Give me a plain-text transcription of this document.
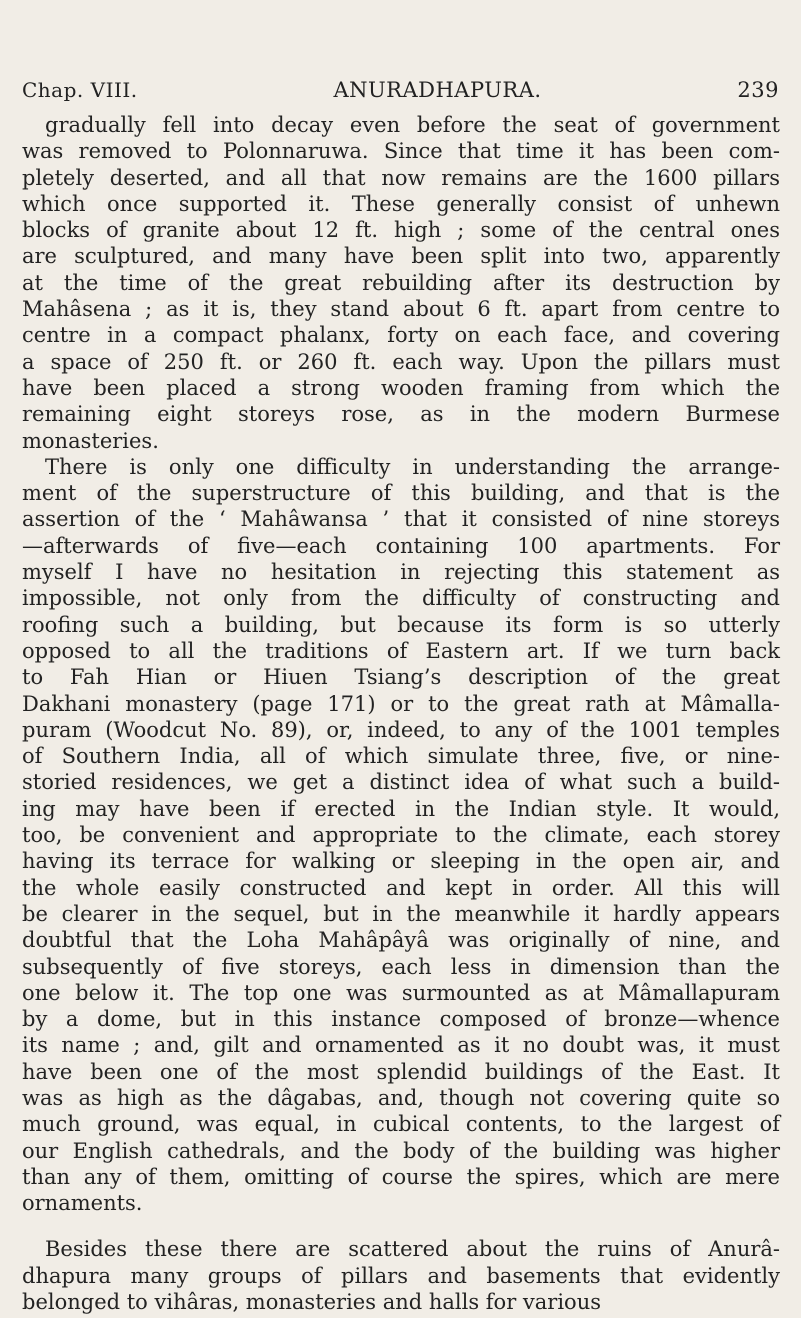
Chap. VIII.	ANURADHAPURA.	239
gradually fell into decay even before the seat of government
was removed to Polonnaruwa. Since that time it has been com-
pletely deserted, and all that now remains are the 1600 pillars
which once supported it. These generally consist of unhewn
blocks of granite about 12 ft. high ; some of the central ones
are sculptured, and many have been split into two, apparently
at the time of the great rebuilding after its destruction by
Mahâsena ; as it is, they stand about 6 ft. apart from centre to
centre in a compact phalanx, forty on each face, and covering
a space of 250 ft. or 260 ft. each way. Upon the pillars must
have been placed a strong wooden framing from which the
remaining eight storeys rose, as in the modern Burmese
monasteries.
There is only one difficulty in understanding the arrange-
ment of the superstructure of this building, and that is the
assertion of the ‘ Mahâwansa ’ that it consisted of nine storeys
—afterwards of five—each containing 100 apartments. For
myself I have no hesitation in rejecting this statement as
impossible, not only from the difficulty of constructing and
roofing such a building, but because its form is so utterly
opposed to all the traditions of Eastern art. If we turn back
to Fah Hian or Hiuen Tsiang’s description of the great
Dakhani monastery (page 171) or to the great rath at Mâmalla-
puram (Woodcut No. 89), or, indeed, to any of the 1001 temples
of Southern India, all of which simulate three, five, or nine-
storied residences, we get a distinct idea of what such a build-
ing may have been if erected in the Indian style. It would,
too, be convenient and appropriate to the climate, each storey
having its terrace for walking or sleeping in the open air, and
the whole easily constructed and kept in order. All this will
be clearer in the sequel, but in the meanwhile it hardly appears
doubtful that the Loha Mahâpâyâ was originally of nine, and
subsequently of five storeys, each less in dimension than the
one below it. The top one was surmounted as at Mâmallapuram
by a dome, but in this instance composed of bronze—whence
its name ; and, gilt and ornamented as it no doubt was, it must
have been one of the most splendid buildings of the East. It
was as high as the dâgabas, and, though not covering quite so
much ground, was equal, in cubical contents, to the largest of
our English cathedrals, and the body of the building was higher
than any of them, omitting of course the spires, which are mere
ornaments.
Besides these there are scattered about the ruins of Anurâ-
dhapura many groups of pillars and basements that evidently
belonged to vihâras, monasteries and halls for various
